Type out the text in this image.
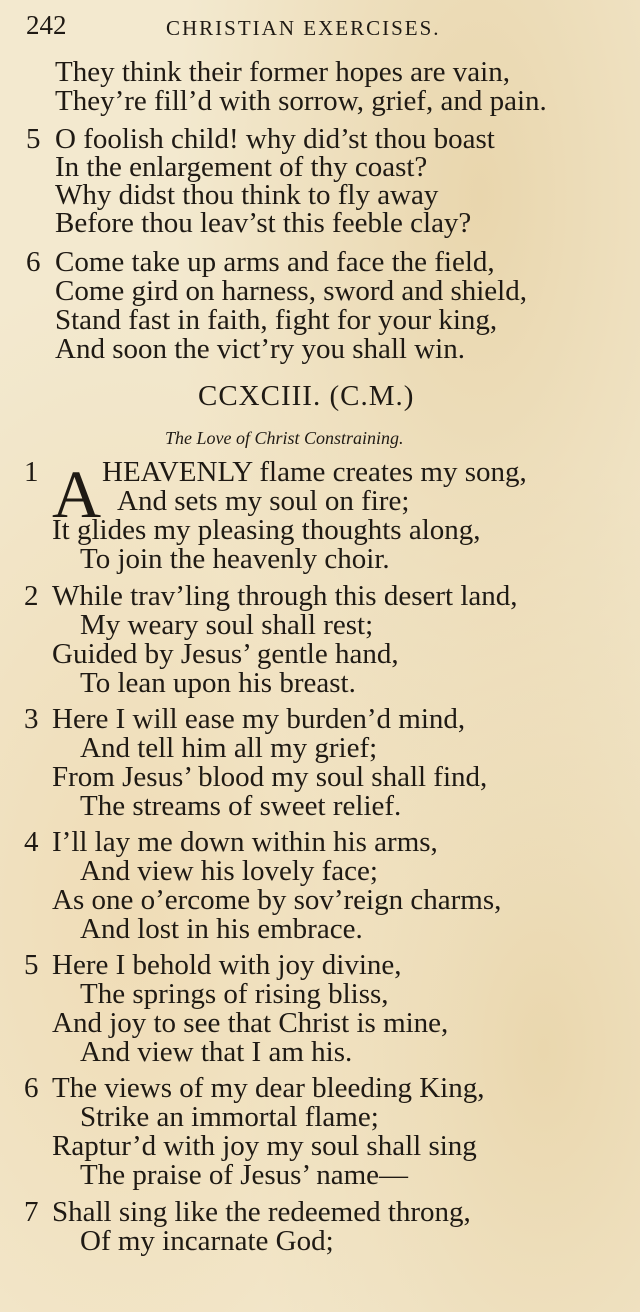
242	CHRISTIAN EXERCISES.
They think their former hopes are vain,
They’re fill’d with sorrow, grief, and pain.
5 O foolish child! why did’st thou boast
In the enlargement of thy coast?
Why didst thou think to fly away
Before thou leav’st this feeble clay?
6 Come take up arms and face the field,
Come gird on harness, sword and shield,
Stand fast in faith, fight for your king,
And soon the vict’ry you shall win.
CCXCIII. (C.M.)
The Love of Christ Constraining.
1 A HEAVENLY flame creates my song,
And sets my soul on fire;
It glides my pleasing thoughts along,
To join the heavenly choir.
2 While trav’ling through this desert land,
My weary soul shall rest;
Guided by Jesus’ gentle hand,
To lean upon his breast.
3 Here I will ease my burden’d mind,
And tell him all my grief;
From Jesus’ blood my soul shall find,
The streams of sweet relief.
4 I’ll lay me down within his arms,
And view his lovely face;
As one o’ercome by sov’reign charms,
And lost in his embrace.
5 Here I behold with joy divine,
The springs of rising bliss,
And joy to see that Christ is mine,
And view that I am his.
6 The views of my dear bleeding King,
Strike an immortal flame;
Raptur’d with joy my soul shall sing
The praise of Jesus’ name—
7 Shall sing like the redeemed throng,
Of my incarnate God;
